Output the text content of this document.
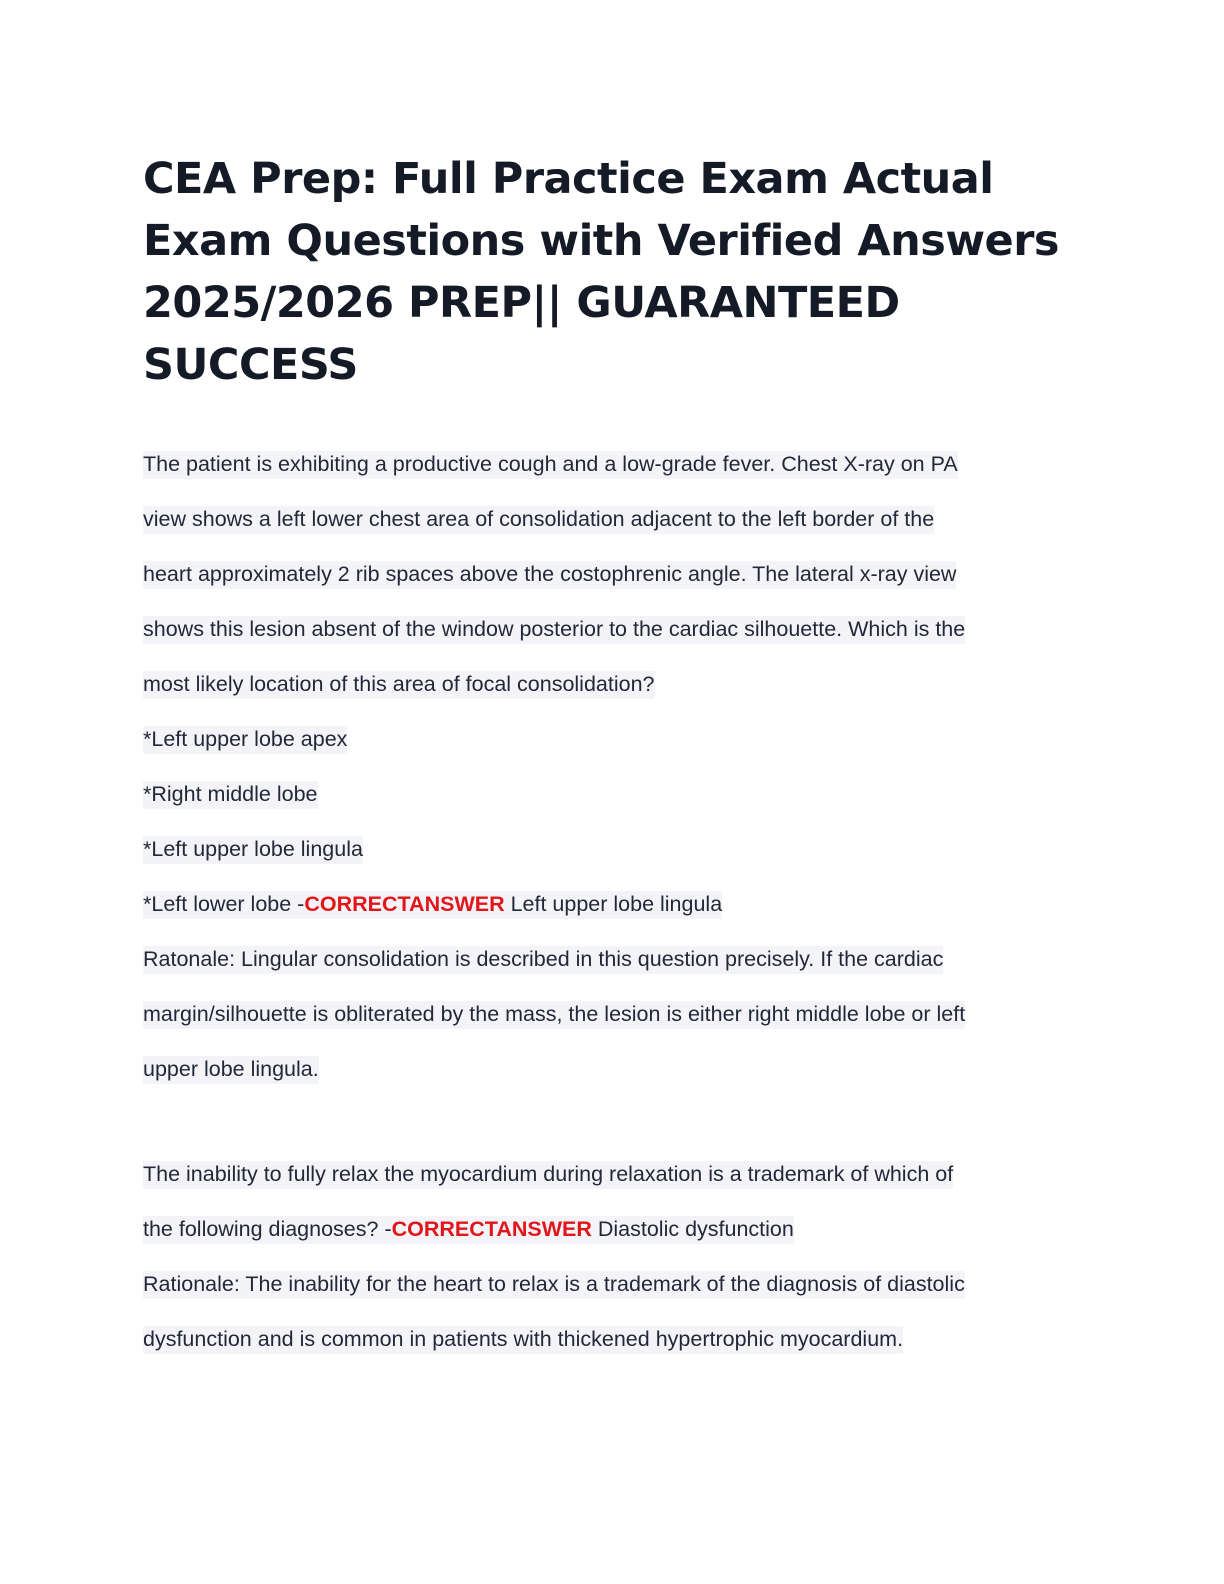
CEA Prep: Full Practice Exam Actual Exam Questions with Verified Answers 2025/2026 PREP|| GUARANTEED SUCCESS
The patient is exhibiting a productive cough and a low-grade fever. Chest X-ray on PA
view shows a left lower chest area of consolidation adjacent to the left border of the
heart approximately 2 rib spaces above the costophrenic angle. The lateral x-ray view
shows this lesion absent of the window posterior to the cardiac silhouette. Which is the
most likely location of this area of focal consolidation?
*Left upper lobe apex
*Right middle lobe
*Left upper lobe lingula
*Left lower lobe -CORRECTANSWER Left upper lobe lingula
Ratonale: Lingular consolidation is described in this question precisely. If the cardiac
margin/silhouette is obliterated by the mass, the lesion is either right middle lobe or left
upper lobe lingula.
The inability to fully relax the myocardium during relaxation is a trademark of which of
the following diagnoses? -CORRECTANSWER Diastolic dysfunction
Rationale: The inability for the heart to relax is a trademark of the diagnosis of diastolic
dysfunction and is common in patients with thickened hypertrophic myocardium.
